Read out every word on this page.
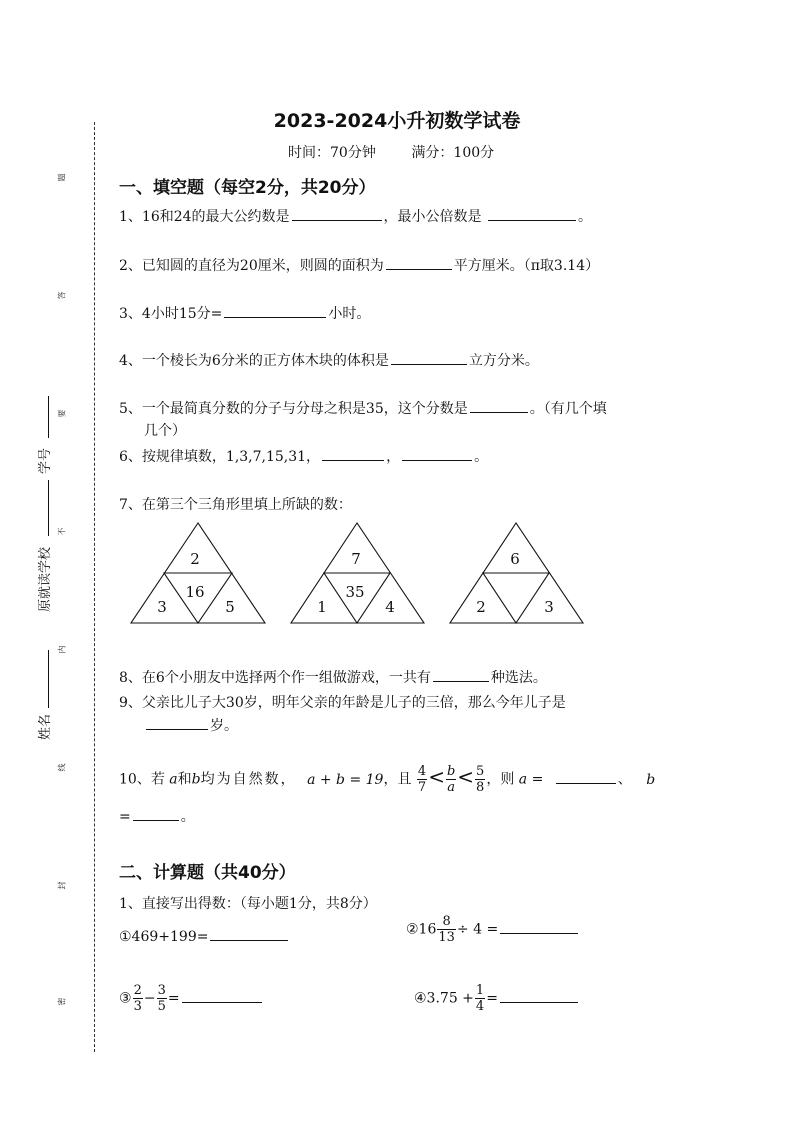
题
答
要
不
内
线
封
密
学号
原就读学校
姓名
2023-2024小升初数学试卷
时间：70分钟	满分：100分
一、填空题（每空2分，共20分）
1、16和24的最大公约数是	，最小公倍数是	。
2、已知圆的直径为20厘米，则圆的面积为	平方厘米。（π取3.14）
3、4小时15分=	小时。
4、一个棱长为6分米的正方体木块的体积是	立方分米。
5、一个最简真分数的分子与分母之积是35，这个分数是	。（有几个填
几个）
6、按规律填数，1,3,7,15,31，	，	。
7、在第三个三角形里填上所缺的数：
2
3	5
16
7
1	4
35
6
2	3
8、在6个小朋友中选择两个作一组做游戏，一共有	种选法。
9、父亲比儿子大30岁，明年父亲的年龄是儿子的三倍，那么今年儿子是
岁。
10、若 a和b均为自然数， a + b = 19，且 $\frac{4}{7} < \frac{b}{a} < \frac{5}{8}$ ，则 a =	、 b
=	。
二、计算题（共40分）
1、直接写出得数：（每小题1分，共8分）
①469+199=	②16 $\frac{8}{13} \div 4$ =
③ $\frac{2}{3} - \frac{3}{5}$ =	④3.75 + $\frac{1}{4}$ =
